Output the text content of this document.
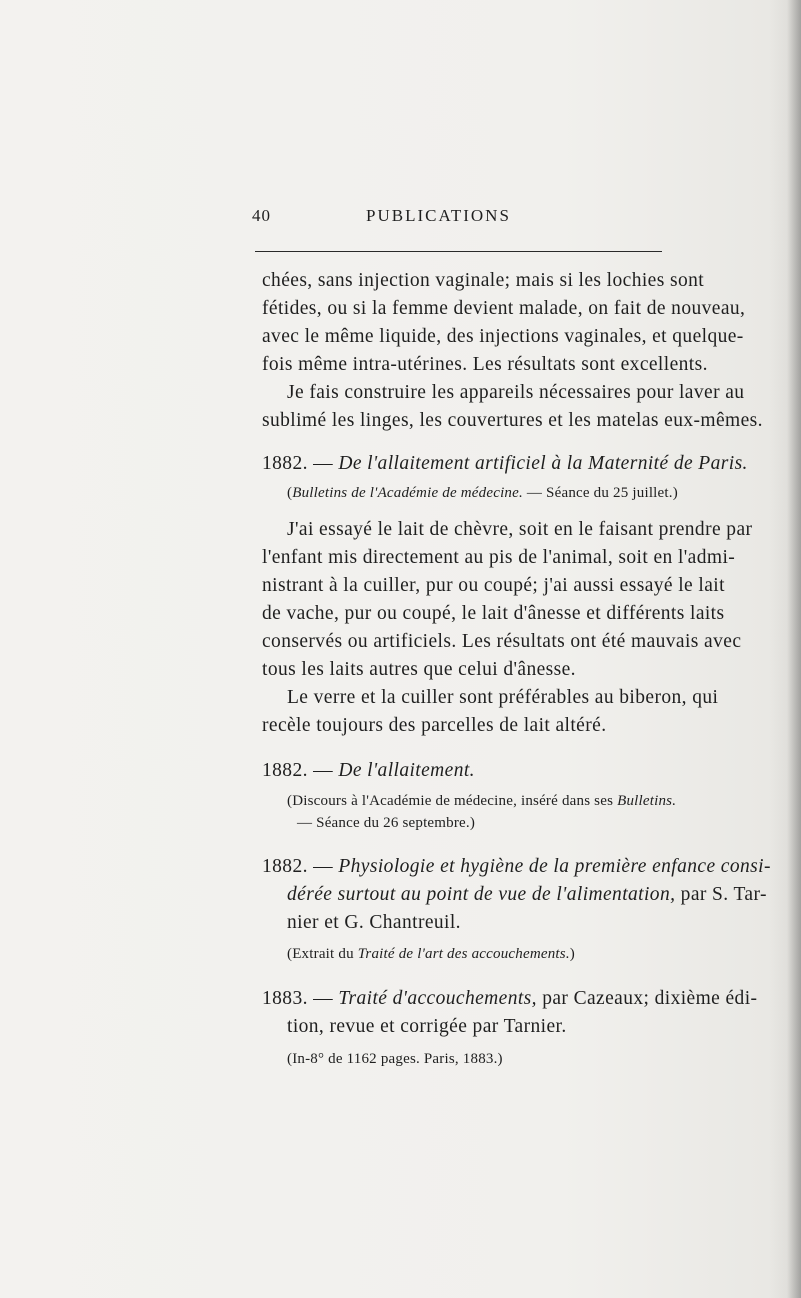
40	PUBLICATIONS
chées, sans injection vaginale; mais si les lochies sont
fétides, ou si la femme devient malade, on fait de nouveau,
avec le même liquide, des injections vaginales, et quelque-
fois même intra-utérines. Les résultats sont excellents.
Je fais construire les appareils nécessaires pour laver au
sublimé les linges, les couvertures et les matelas eux-mêmes.
1882. — De l'allaitement artificiel à la Maternité de Paris.
(Bulletins de l'Académie de médecine. — Séance du 25 juillet.)
J'ai essayé le lait de chèvre, soit en le faisant prendre par
l'enfant mis directement au pis de l'animal, soit en l'admi-
nistrant à la cuiller, pur ou coupé; j'ai aussi essayé le lait
de vache, pur ou coupé, le lait d'ânesse et différents laits
conservés ou artificiels. Les résultats ont été mauvais avec
tous les laits autres que celui d'ânesse.
Le verre et la cuiller sont préférables au biberon, qui
recèle toujours des parcelles de lait altéré.
1882. — De l'allaitement.
(Discours à l'Académie de médecine, inséré dans ses Bulletins.
— Séance du 26 septembre.)
1882. — Physiologie et hygiène de la première enfance consi-
dérée surtout au point de vue de l'alimentation, par S. Tar-
nier et G. Chantreuil.
(Extrait du Traité de l'art des accouchements.)
1883. — Traité d'accouchements, par Cazeaux; dixième édi-
tion, revue et corrigée par Tarnier.
(In-8° de 1162 pages. Paris, 1883.)
